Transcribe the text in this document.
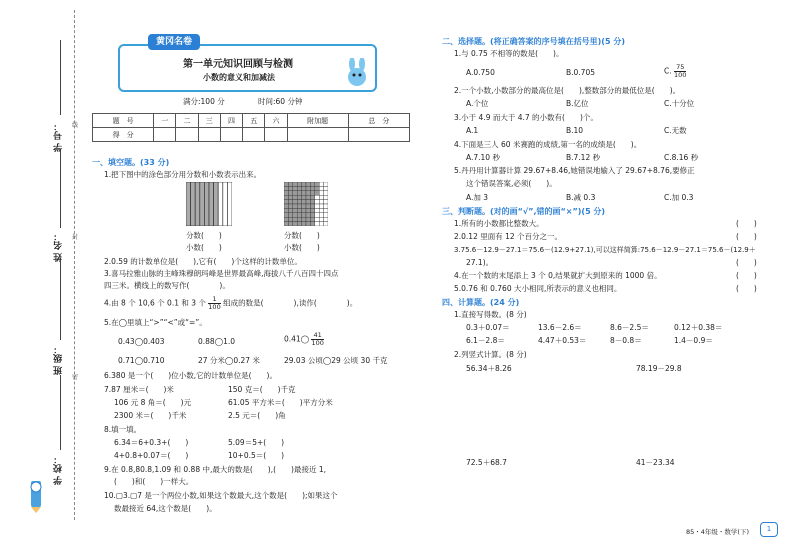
线
封
密
学 号：
姓 名：
班 级：
学 校：
黄冈名卷
第一单元知识回顾与检测
小数的意义和加减法
满分:100 分	时间:60 分钟
题　号	一	二	三	四	五	六	附加题	总　分
得　分								
一、填空题。(33 分)
1.把下图中的涂色部分用分数和小数表示出来。
分数(　　)
小数(　　)
分数(　　)
小数(　　)
2.0.59 的计数单位是(　　),它有(　　)个这样的计数单位。
3.喜马拉雅山脉的主峰珠穆朗玛峰是世界最高峰,海拔八千八百四十四点
四三米。横线上的数写作(　　　　)。
4.由 8 个 10,6 个 0.1 和 3 个 $\frac{1}{100}$ 组成的数是(　　　　),读作(　　　　)。
5.在◯里填上“>”“<”或“=”。
0.43◯0.403	0.88◯1.0	0.41◯ $\frac{41}{100}$
0.71◯0.710	27 分米◯0.27 米	29.03 公顷◯29 公顷 30 千克
6.380 是一个(　　)位小数,它的计数单位是(　　)。
7.87 厘米＝(　　)米	150 克＝(　　)千克
106 元 8 角＝(　　)元	61.05 平方米＝(　　)平方分米
2300 米＝(　　)千米	2.5 元＝(　　)角
8.填一填。
6.34＝6+0.3+(　　)	5.09＝5+(　　)
4+0.8+0.07＝(　　)	10+0.5＝(　　)
9.在 0.8,80.8,1.09 和 0.88 中,最大的数是(　　),(　　)最接近 1,
(　　)和(　　)一样大。
10.▢3.▢7 是一个两位小数,如果这个数最大,这个数是(　　);如果这个
数最接近 64,这个数是(　　)。
二、选择题。(将正确答案的序号填在括号里)(5 分)
1.与 0.75 不相等的数是(　　)。
A.0.750	B.0.705	C. $\frac{75}{100}$
2.一个小数,小数部分的最高位是(　　),整数部分的最低位是(　　)。
A.个位	B.亿位	C.十分位
3.小于 4.9 而大于 4.7 的小数有(　　)个。
A.1	B.10	C.无数
4.下面是三人 60 米赛跑的成绩,第一名的成绩是(　　)。
A.7.10 秒	B.7.12 秒	C.8.16 秒
5.丹丹用计算器计算 29.67+8.46,她错误地输入了 29.67+8.76,要修正
这个错误答案,必须(　　)。
A.加 3	B.减 0.3	C.加 0.3
三、判断题。(对的画“√”,错的画“×”)(5 分)
1.所有的小数都比整数大。	(　　)
2.0.12 里面有 12 个百分之一。	(　　)
3.75.6－12.9－27.1＝75.6－(12.9+27.1),可以这样简算:75.6－12.9－27.1＝75.6－(12.9＋
27.1)。	(　　)
4.在一个数的末尾添上 3 个 0,结果就扩大到原来的 1000 倍。	(　　)
5.0.76 和 0.760 大小相同,所表示的意义也相同。	(　　)
四、计算题。(24 分)
1.直接写得数。(8 分)
0.3＋0.07＝	13.6－2.6＝	8.6－2.5＝	0.12＋0.38＝
6.1－2.8＝	4.47＋0.53＝	8－0.8＝	1.4－0.9＝
2.列竖式计算。(8 分)
56.34＋8.26	78.19－29.8
72.5＋68.7	41－23.34
85・4年级・数学(下)	1
